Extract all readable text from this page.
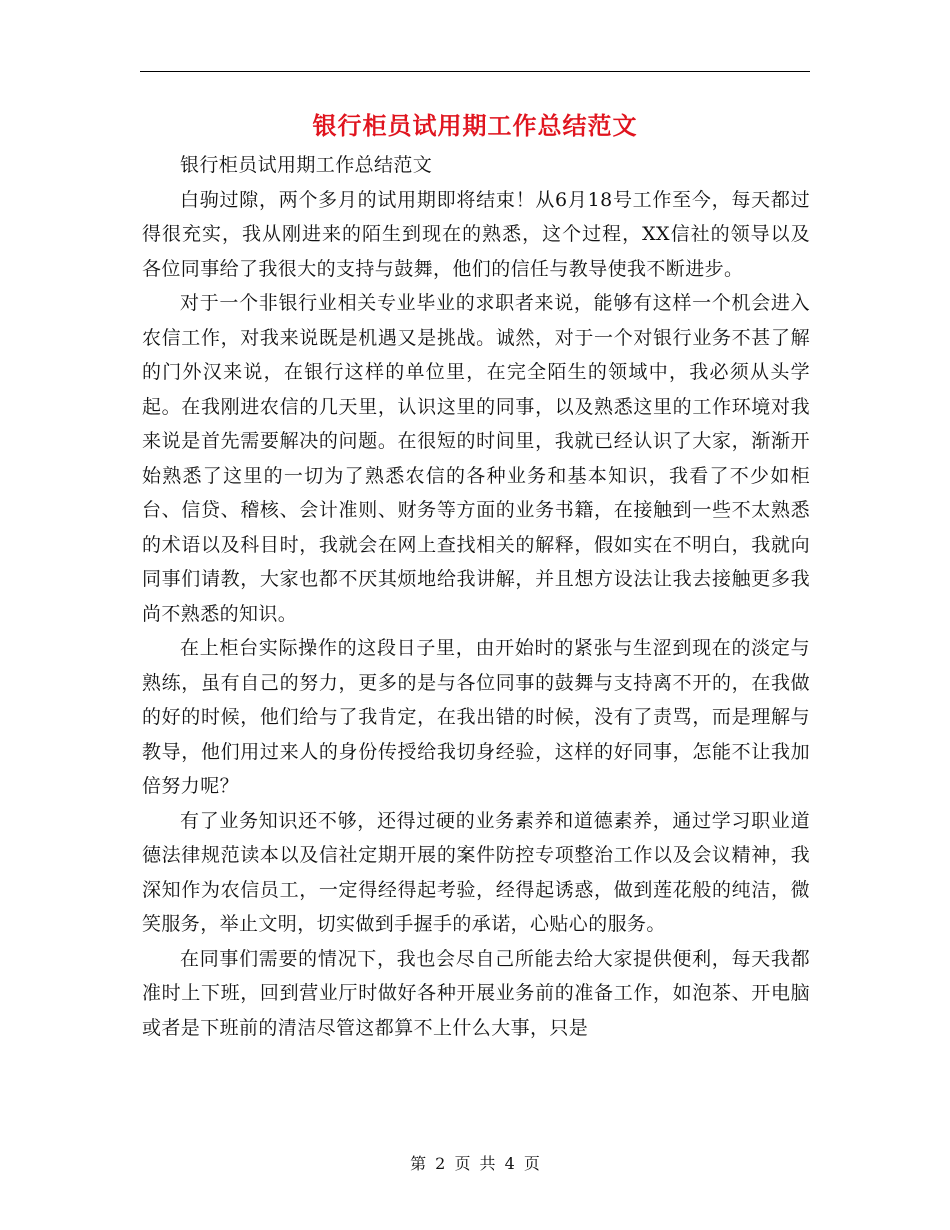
银行柜员试用期工作总结范文

银行柜员试用期工作总结范文

白驹过隙，两个多月的试用期即将结束！从6月18号工作至今，每天都过得很充实，我从刚进来的陌生到现在的熟悉，这个过程，XX信社的领导以及各位同事给了我很大的支持与鼓舞，他们的信任与教导使我不断进步。

对于一个非银行业相关专业毕业的求职者来说，能够有这样一个机会进入农信工作，对我来说既是机遇又是挑战。诚然，对于一个对银行业务不甚了解的门外汉来说，在银行这样的单位里，在完全陌生的领域中，我必须从头学起。在我刚进农信的几天里，认识这里的同事，以及熟悉这里的工作环境对我来说是首先需要解决的问题。在很短的时间里，我就已经认识了大家，渐渐开始熟悉了这里的一切为了熟悉农信的各种业务和基本知识，我看了不少如柜台、信贷、稽核、会计准则、财务等方面的业务书籍，在接触到一些不太熟悉的术语以及科目时，我就会在网上查找相关的解释，假如实在不明白，我就向同事们请教，大家也都不厌其烦地给我讲解，并且想方设法让我去接触更多我尚不熟悉的知识。

在上柜台实际操作的这段日子里，由开始时的紧张与生涩到现在的淡定与熟练，虽有自己的努力，更多的是与各位同事的鼓舞与支持离不开的，在我做的好的时候，他们给与了我肯定，在我出错的时候，没有了责骂，而是理解与教导，他们用过来人的身份传授给我切身经验，这样的好同事，怎能不让我加倍努力呢？

有了业务知识还不够，还得过硬的业务素养和道德素养，通过学习职业道德法律规范读本以及信社定期开展的案件防控专项整治工作以及会议精神，我深知作为农信员工，一定得经得起考验，经得起诱惑，做到莲花般的纯洁，微笑服务，举止文明，切实做到手握手的承诺，心贴心的服务。

在同事们需要的情况下，我也会尽自己所能去给大家提供便利，每天我都准时上下班，回到营业厅时做好各种开展业务前的准备工作，如泡茶、开电脑或者是下班前的清洁尽管这都算不上什么大事，只是

第 2 页 共 4 页
